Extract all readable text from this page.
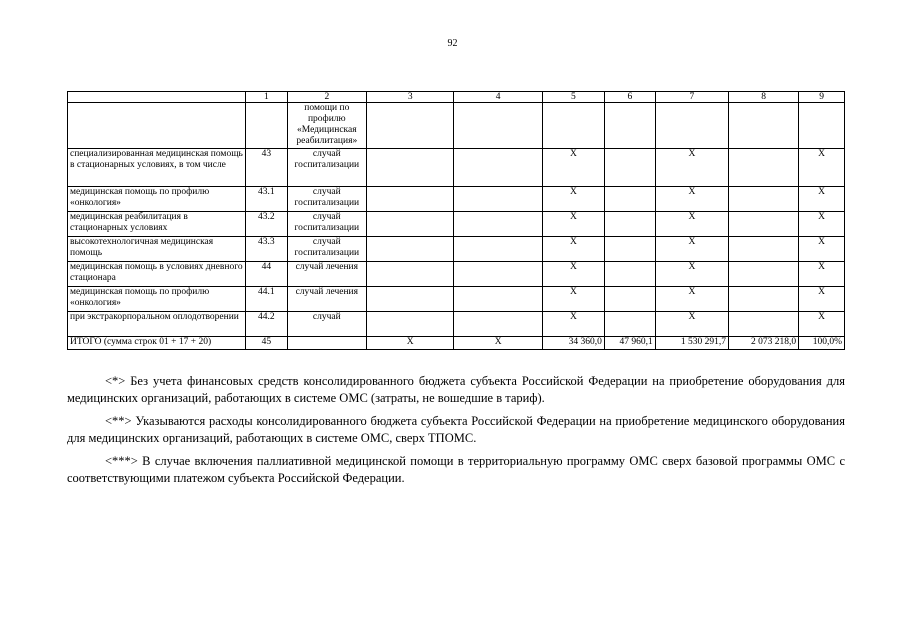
92
	1	2	3	4	5	6	7	8	9
		помощи по профилю «Медицинская реабилитация»							
специализированная медицинская помощь в стационарных условиях, в том числе	43	случай госпитализации			X		X		X
медицинская помощь по профилю «онкология»	43.1	случай госпитализации			X		X		X
медицинская реабилитация в стационарных условиях	43.2	случай госпитализации			X		X		X
высокотехнологичная медицинская помощь	43.3	случай госпитализации			X		X		X
медицинская помощь в условиях дневного стационара	44	случай лечения			X		X		X
медицинская помощь по профилю «онкология»	44.1	случай лечения			X		X		X
при экстракорпоральном оплодотворении	44.2	случай			X		X		X
ИТОГО (сумма строк 01 + 17 + 20)	45		X	X	34 360,0	47 960,1	1 530 291,7	2 073 218,0	100,0%

<*> Без учета финансовых средств консолидированного бюджета субъекта Российской Федерации на приобретение оборудования для медицинских организаций, работающих в системе ОМС (затраты, не вошедшие в тариф).

<**> Указываются расходы консолидированного бюджета субъекта Российской Федерации на приобретение медицинского оборудования для медицинских организаций, работающих в системе ОМС, сверх ТПОМС.

<***> В случае включения паллиативной медицинской помощи в территориальную программу ОМС сверх базовой программы ОМС с соответствующими платежом субъекта Российской Федерации.
